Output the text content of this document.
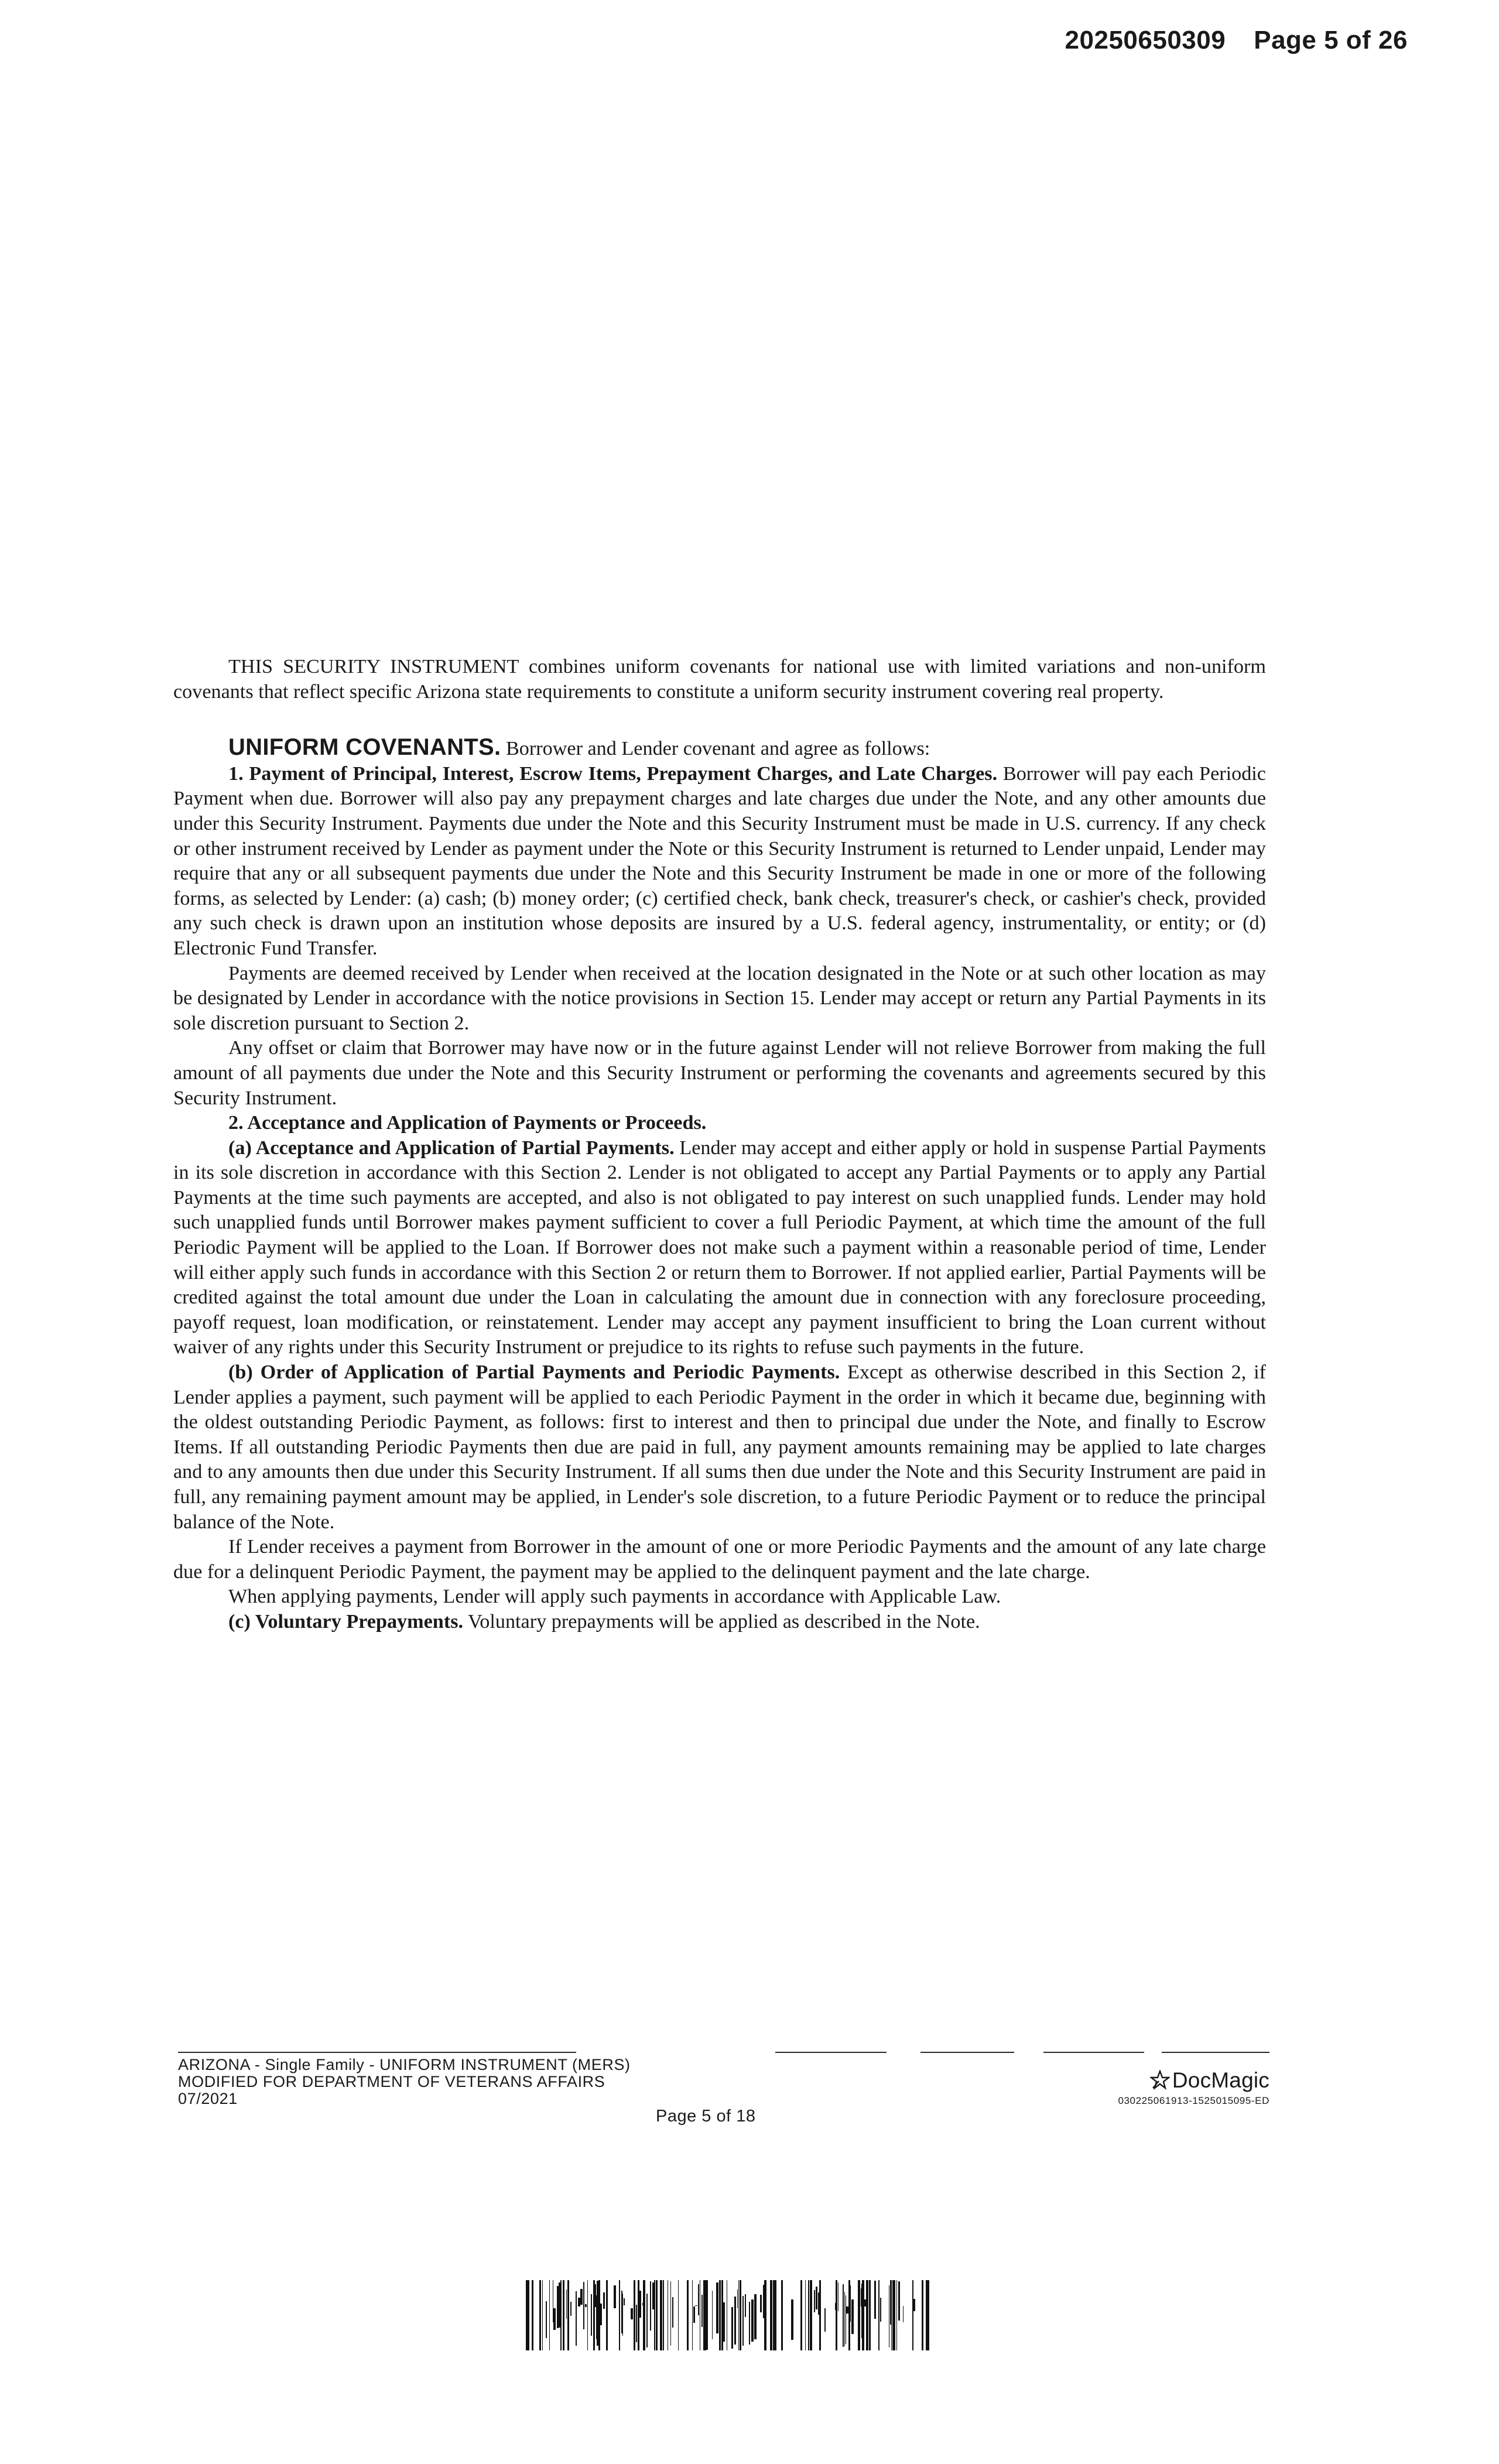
20250650309 Page 5 of 26

THIS SECURITY INSTRUMENT combines uniform covenants for national use with limited variations and non-uniform covenants that reflect specific Arizona state requirements to constitute a uniform security instrument covering real property.

UNIFORM COVENANTS. Borrower and Lender covenant and agree as follows:

1. Payment of Principal, Interest, Escrow Items, Prepayment Charges, and Late Charges. Borrower will pay each Periodic Payment when due. Borrower will also pay any prepayment charges and late charges due under the Note, and any other amounts due under this Security Instrument. Payments due under the Note and this Security Instrument must be made in U.S. currency. If any check or other instrument received by Lender as payment under the Note or this Security Instrument is returned to Lender unpaid, Lender may require that any or all subsequent payments due under the Note and this Security Instrument be made in one or more of the following forms, as selected by Lender: (a) cash; (b) money order; (c) certified check, bank check, treasurer's check, or cashier's check, provided any such check is drawn upon an institution whose deposits are insured by a U.S. federal agency, instrumentality, or entity; or (d) Electronic Fund Transfer.

Payments are deemed received by Lender when received at the location designated in the Note or at such other location as may be designated by Lender in accordance with the notice provisions in Section 15. Lender may accept or return any Partial Payments in its sole discretion pursuant to Section 2.

Any offset or claim that Borrower may have now or in the future against Lender will not relieve Borrower from making the full amount of all payments due under the Note and this Security Instrument or performing the covenants and agreements secured by this Security Instrument.

2. Acceptance and Application of Payments or Proceeds.

(a) Acceptance and Application of Partial Payments. Lender may accept and either apply or hold in suspense Partial Payments in its sole discretion in accordance with this Section 2. Lender is not obligated to accept any Partial Payments or to apply any Partial Payments at the time such payments are accepted, and also is not obligated to pay interest on such unapplied funds. Lender may hold such unapplied funds until Borrower makes payment sufficient to cover a full Periodic Payment, at which time the amount of the full Periodic Payment will be applied to the Loan. If Borrower does not make such a payment within a reasonable period of time, Lender will either apply such funds in accordance with this Section 2 or return them to Borrower. If not applied earlier, Partial Payments will be credited against the total amount due under the Loan in calculating the amount due in connection with any foreclosure proceeding, payoff request, loan modification, or reinstatement. Lender may accept any payment insufficient to bring the Loan current without waiver of any rights under this Security Instrument or prejudice to its rights to refuse such payments in the future.

(b) Order of Application of Partial Payments and Periodic Payments. Except as otherwise described in this Section 2, if Lender applies a payment, such payment will be applied to each Periodic Payment in the order in which it became due, beginning with the oldest outstanding Periodic Payment, as follows: first to interest and then to principal due under the Note, and finally to Escrow Items. If all outstanding Periodic Payments then due are paid in full, any payment amounts remaining may be applied to late charges and to any amounts then due under this Security Instrument. If all sums then due under the Note and this Security Instrument are paid in full, any remaining payment amount may be applied, in Lender's sole discretion, to a future Periodic Payment or to reduce the principal balance of the Note.

If Lender receives a payment from Borrower in the amount of one or more Periodic Payments and the amount of any late charge due for a delinquent Periodic Payment, the payment may be applied to the delinquent payment and the late charge.

When applying payments, Lender will apply such payments in accordance with Applicable Law.

(c) Voluntary Prepayments. Voluntary prepayments will be applied as described in the Note.

ARIZONA - Single Family - UNIFORM INSTRUMENT (MERS)
MODIFIED FOR DEPARTMENT OF VETERANS AFFAIRS
07/2021
Page 5 of 18
DocMagic
030225061913-1525015095-ED
